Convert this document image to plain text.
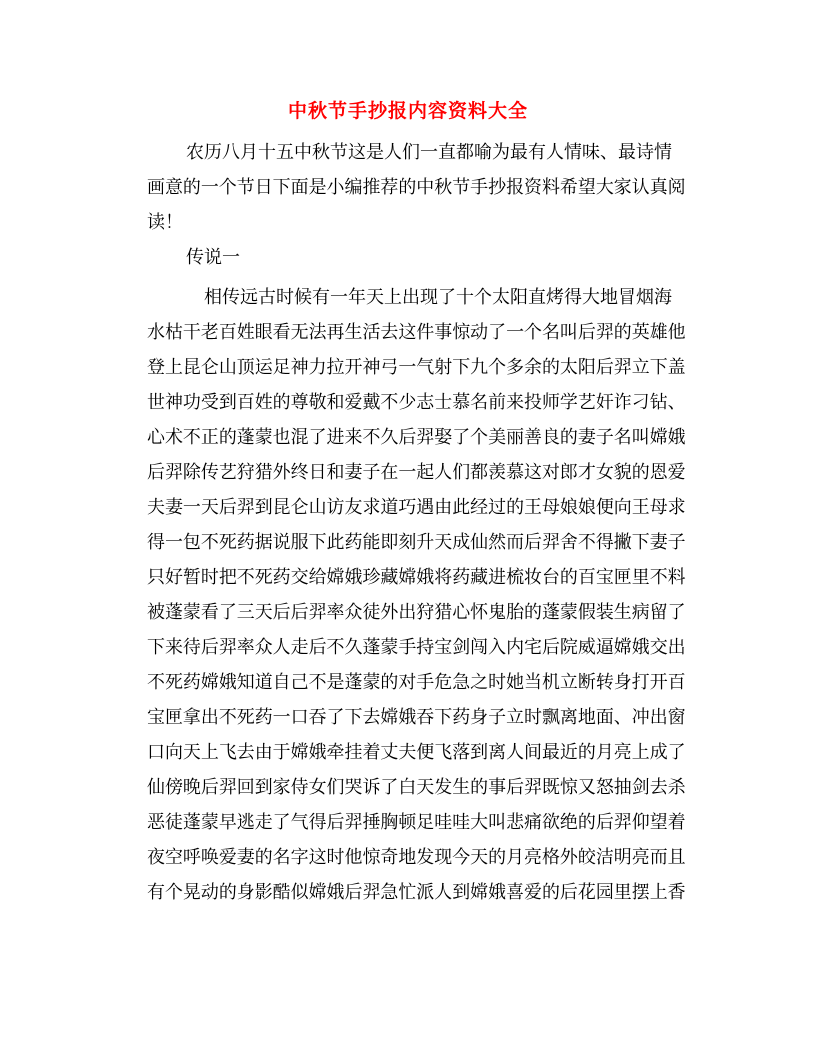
中秋节手抄报内容资料大全
农历八月十五中秋节这是人们一直都喻为最有人情味、最诗情
画意的一个节日下面是小编推荐的中秋节手抄报资料希望大家认真阅
读！
传说一
相传远古时候有一年天上出现了十个太阳直烤得大地冒烟海
水枯干老百姓眼看无法再生活去这件事惊动了一个名叫后羿的英雄他
登上昆仑山顶运足神力拉开神弓一气射下九个多余的太阳后羿立下盖
世神功受到百姓的尊敬和爱戴不少志士慕名前来投师学艺奸诈刁钻、
心术不正的蓬蒙也混了进来不久后羿娶了个美丽善良的妻子名叫嫦娥
后羿除传艺狩猎外终日和妻子在一起人们都羡慕这对郎才女貌的恩爱
夫妻一天后羿到昆仑山访友求道巧遇由此经过的王母娘娘便向王母求
得一包不死药据说服下此药能即刻升天成仙然而后羿舍不得撇下妻子
只好暂时把不死药交给嫦娥珍藏嫦娥将药藏进梳妆台的百宝匣里不料
被蓬蒙看了三天后后羿率众徒外出狩猎心怀鬼胎的蓬蒙假装生病留了
下来待后羿率众人走后不久蓬蒙手持宝剑闯入内宅后院威逼嫦娥交出
不死药嫦娥知道自己不是蓬蒙的对手危急之时她当机立断转身打开百
宝匣拿出不死药一口吞了下去嫦娥吞下药身子立时飘离地面、冲出窗
口向天上飞去由于嫦娥牵挂着丈夫便飞落到离人间最近的月亮上成了
仙傍晚后羿回到家侍女们哭诉了白天发生的事后羿既惊又怒抽剑去杀
恶徒蓬蒙早逃走了气得后羿捶胸顿足哇哇大叫悲痛欲绝的后羿仰望着
夜空呼唤爱妻的名字这时他惊奇地发现今天的月亮格外皎洁明亮而且
有个晃动的身影酷似嫦娥后羿急忙派人到嫦娥喜爱的后花园里摆上香
